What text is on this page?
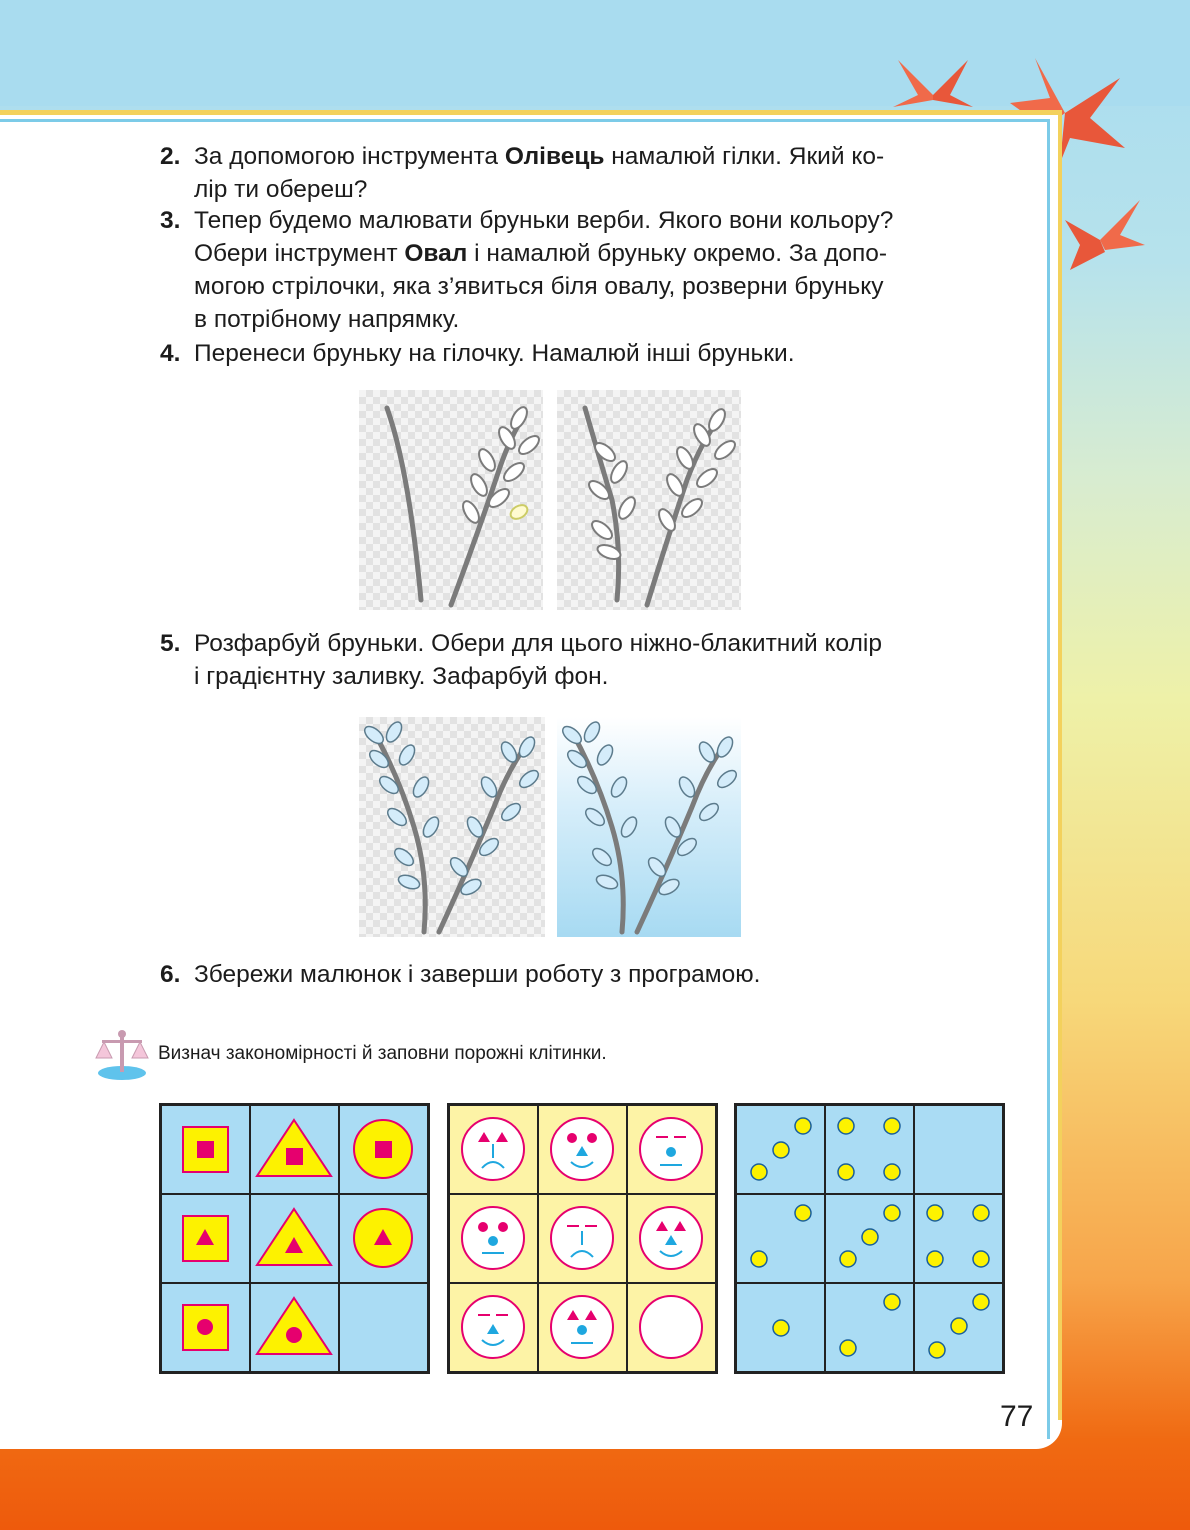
2. За допомогою інструмента Олівець намалюй гілки. Який ко-
лір ти обереш?
3. Тепер будемо малювати бруньки верби. Якого вони кольору?
Обери інструмент Овал і намалюй бруньку окремо. За допо-
могою стрілочки, яка з’явиться біля овалу, розверни бруньку
в потрібному напрямку.
4. Перенеси бруньку на гілочку. Намалюй інші бруньки.
5. Розфарбуй бруньки. Обери для цього ніжно-блакитний колір
і градієнтну заливку. Зафарбуй фон.
6. Збережи малюнок і заверши роботу з програмою.
Визнач закономірності й заповни порожні клітинки.
77
